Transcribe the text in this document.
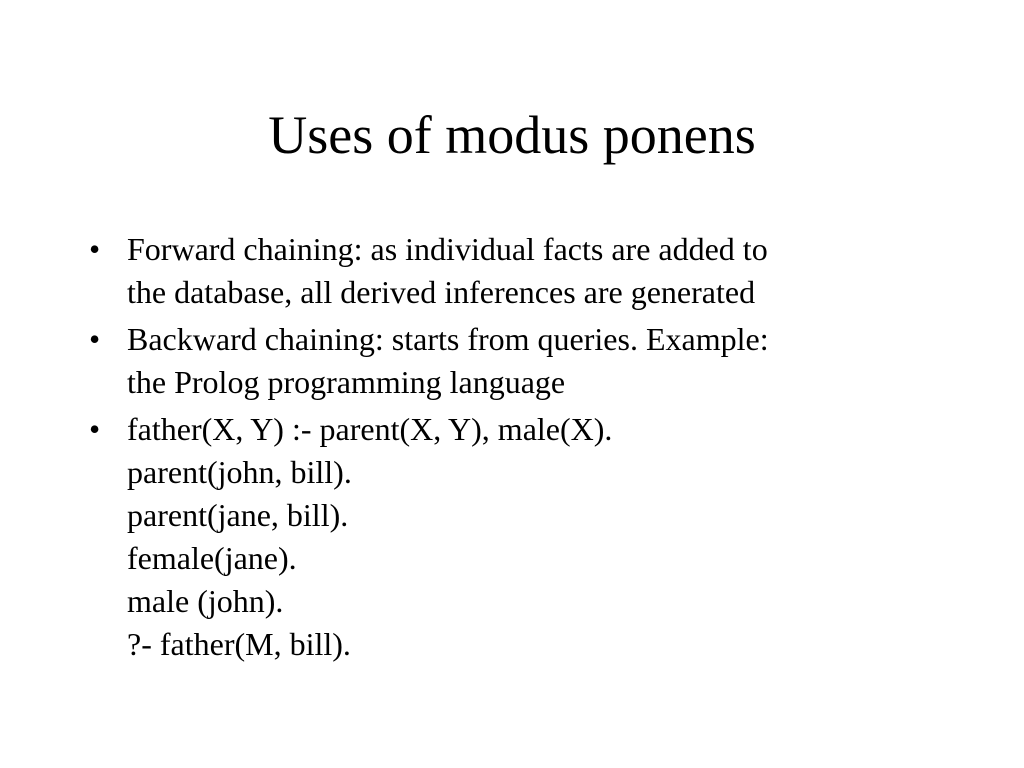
Uses of modus ponens
• Forward chaining: as individual facts are added to
the database, all derived inferences are generated
• Backward chaining: starts from queries. Example:
the Prolog programming language
• father(X, Y) :- parent(X, Y), male(X).
parent(john, bill).
parent(jane, bill).
female(jane).
male (john).
?- father(M, bill).
